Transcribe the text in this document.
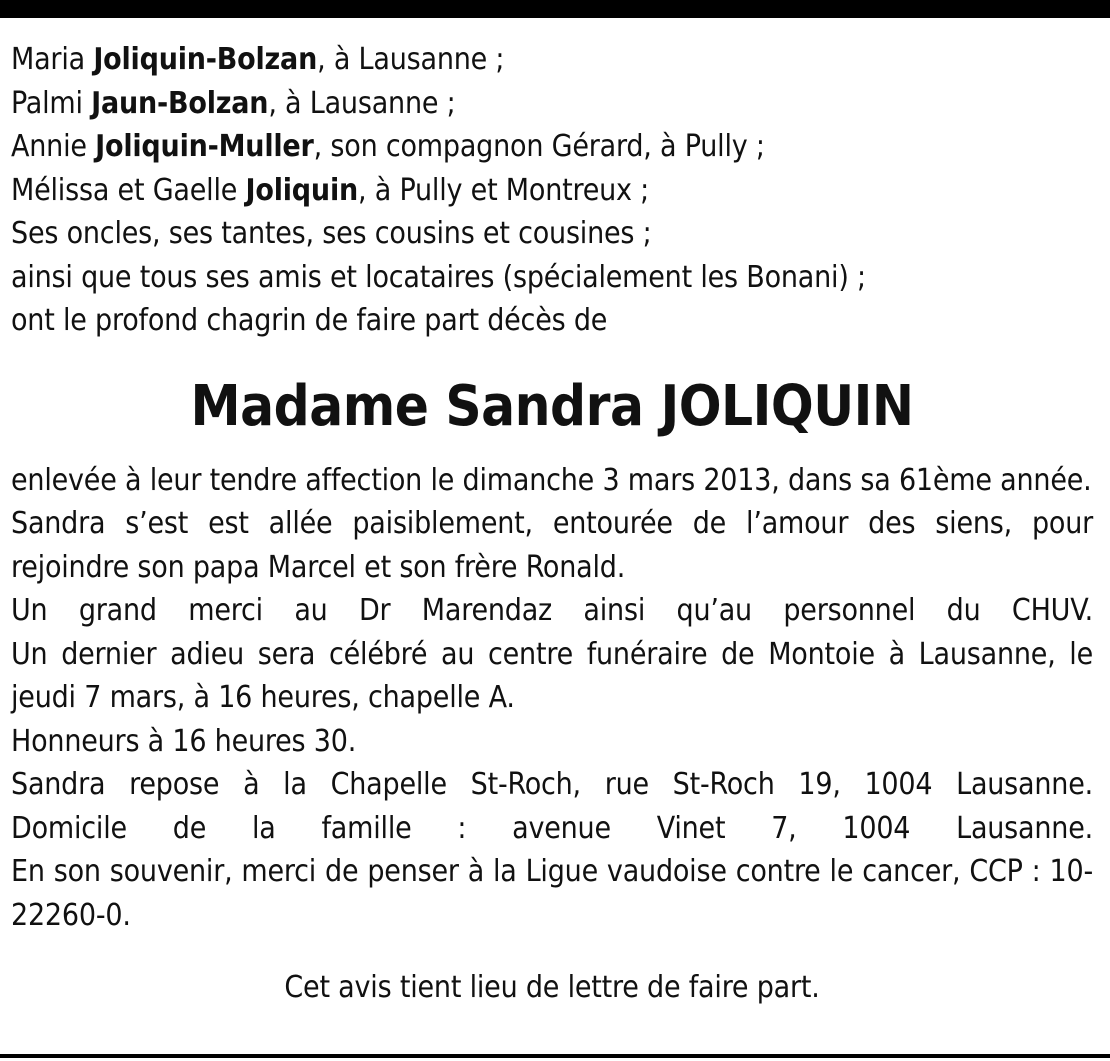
Maria Joliquin-Bolzan, à Lausanne ;
Palmi Jaun-Bolzan, à Lausanne ;
Annie Joliquin-Muller, son compagnon Gérard, à Pully ;
Mélissa et Gaelle Joliquin, à Pully et Montreux ;
Ses oncles, ses tantes, ses cousins et cousines ;
ainsi que tous ses amis et locataires (spécialement les Bonani) ;
ont le profond chagrin de faire part décès de
Madame Sandra JOLIQUIN

enlevée à leur tendre affection le dimanche 3 mars 2013, dans sa 61ème année.

Sandra s’est est allée paisiblement, entourée de l’amour des siens, pour rejoindre son papa Marcel et son frère Ronald.

Un grand merci au Dr Marendaz ainsi qu’au personnel du CHUV.

Un dernier adieu sera célébré au centre funéraire de Montoie à Lausanne, le jeudi 7 mars, à 16 heures, chapelle A.

Honneurs à 16 heures 30.

Sandra repose à la Chapelle St-Roch, rue St-Roch 19, 1004 Lausanne.

Domicile de la famille : avenue Vinet 7, 1004 Lausanne.

En son souvenir, merci de penser à la Ligue vaudoise contre le cancer, CCP : 10-22260-0.

Cet avis tient lieu de lettre de faire part.
